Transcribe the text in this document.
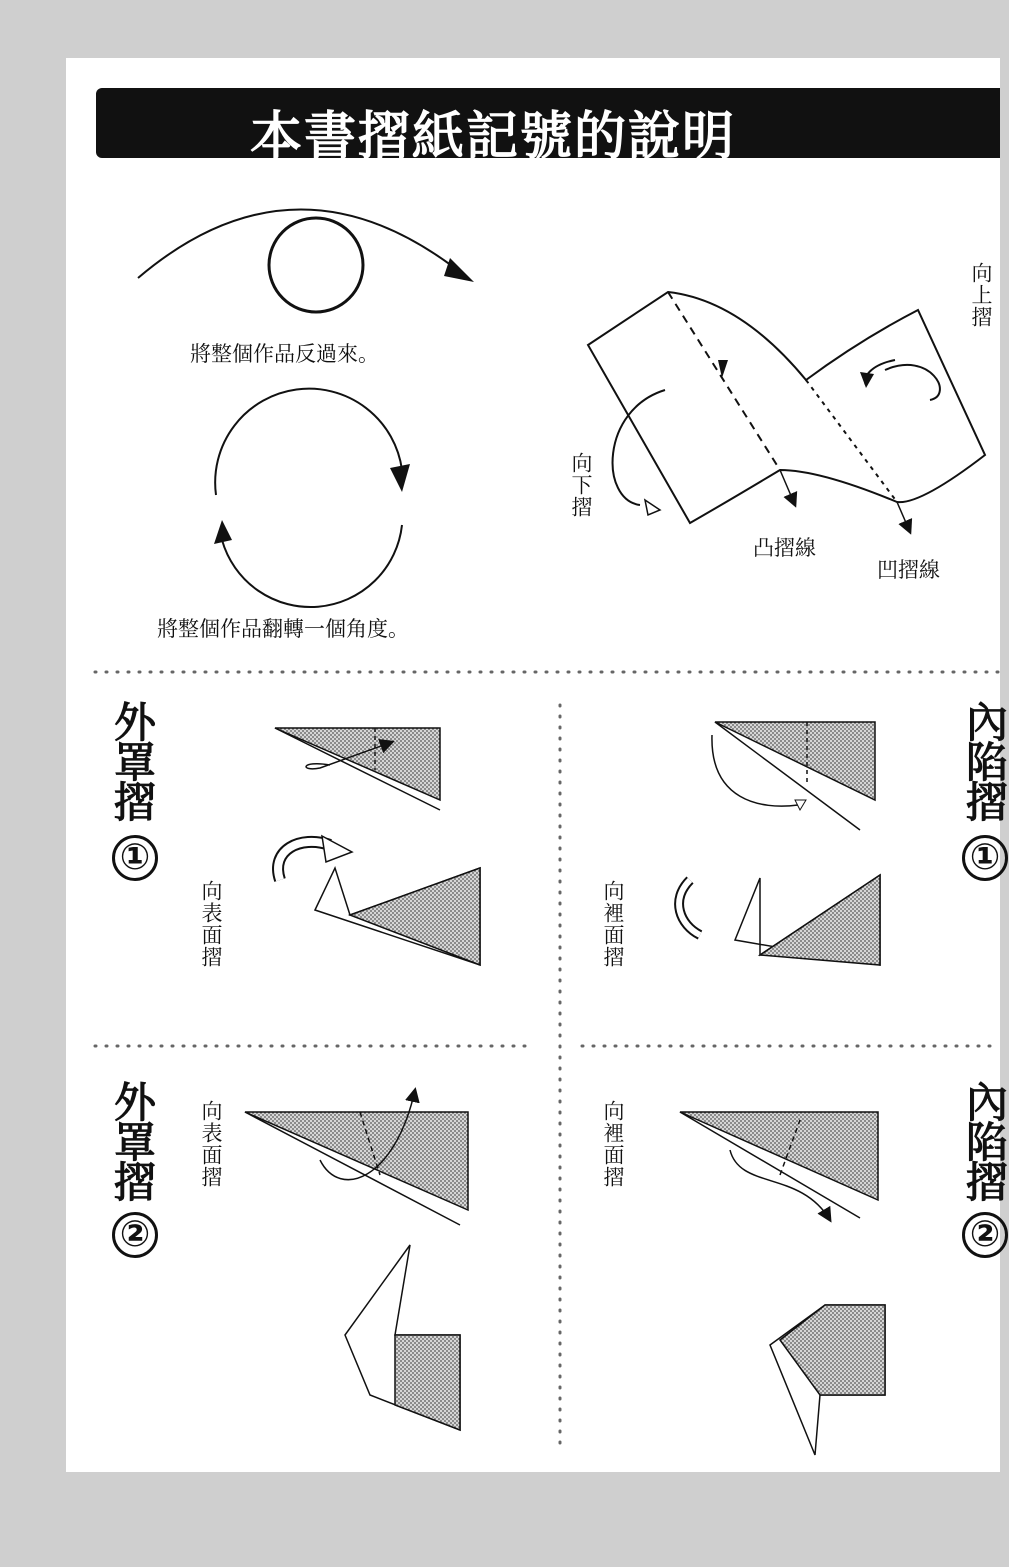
本書摺紙記號的說明
將整個作品反過來。
將整個作品翻轉一個角度。
向上摺
向下摺
凸摺線
凹摺線
外罩摺
①
向表面摺
內陷摺
①
向裡面摺
外罩摺
②
向表面摺	內陷摺
②
向裡面摺
